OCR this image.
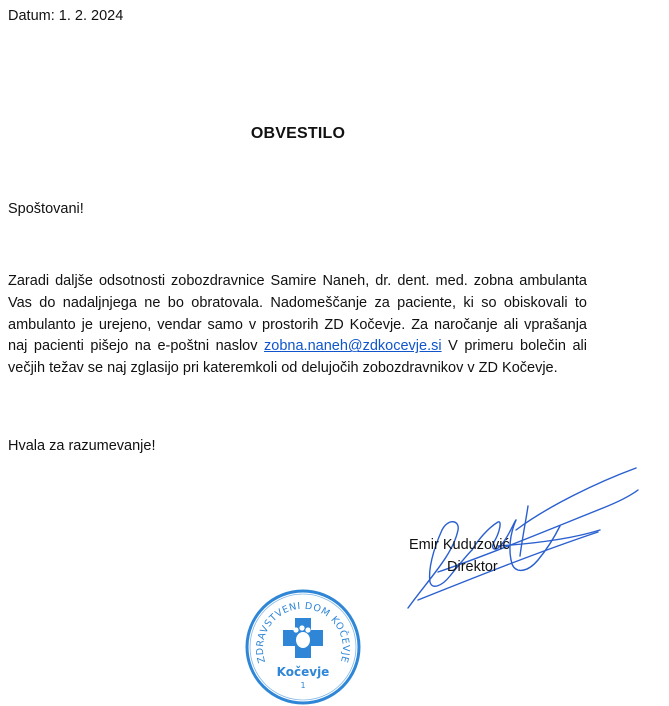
Datum: 1. 2. 2024
OBVESTILO
Spoštovani!
Zaradi daljše odsotnosti zobozdravnice Samire Naneh, dr. dent. med. zobna ambulanta
Vas do nadaljnjega ne bo obratovala. Nadomeščanje za paciente, ki so obiskovali to
ambulanto je urejeno, vendar samo v prostorih ZD Kočevje. Za naročanje ali vprašanja
naj pacienti pišejo na e-poštni naslov zobna.naneh@zdkocevje.si V primeru bolečin ali
večjih težav se naj zglasijo pri kateremkoli od delujočih zobozdravnikov v ZD Kočevje.
Hvala za razumevanje!
Emir Kuduzović
Direktor
ZDRAVSTVENI DOM KOČEVJE
Kočevje
1
